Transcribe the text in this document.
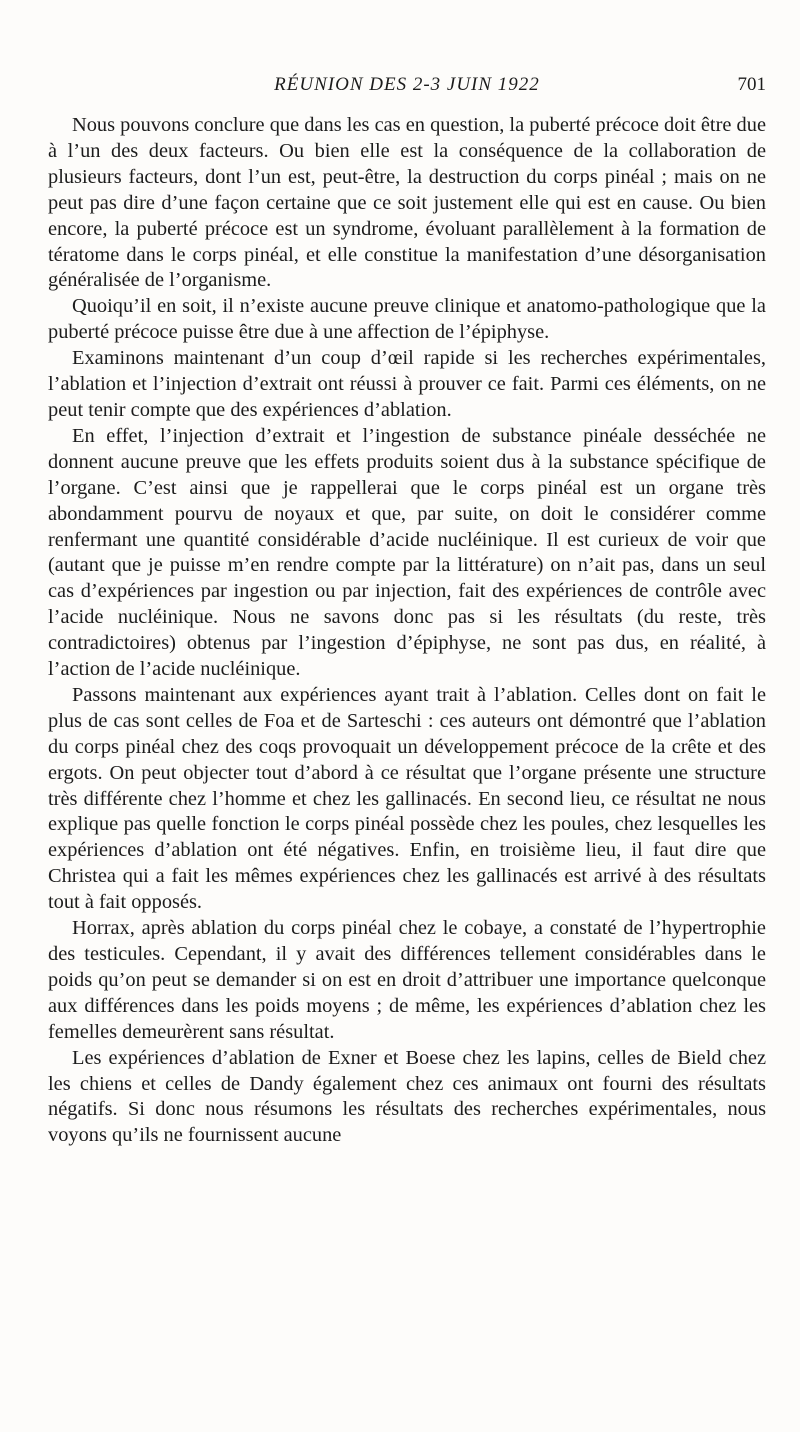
RÉUNION DES 2-3 JUIN 1922	701

Nous pouvons conclure que dans les cas en question, la puberté précoce doit être due à l’un des deux facteurs. Ou bien elle est la conséquence de la collaboration de plusieurs facteurs, dont l’un est, peut-être, la destruction du corps pinéal ; mais on ne peut pas dire d’une façon certaine que ce soit justement elle qui est en cause. Ou bien encore, la puberté précoce est un syndrome, évoluant parallèlement à la formation de tératome dans le corps pinéal, et elle constitue la manifestation d’une désorganisation généralisée de l’organisme.

Quoiqu’il en soit, il n’existe aucune preuve clinique et anatomo-pathologique que la puberté précoce puisse être due à une affection de l’épiphyse.

Examinons maintenant d’un coup d’œil rapide si les recherches expérimentales, l’ablation et l’injection d’extrait ont réussi à prouver ce fait. Parmi ces éléments, on ne peut tenir compte que des expériences d’ablation.

En effet, l’injection d’extrait et l’ingestion de substance pinéale desséchée ne donnent aucune preuve que les effets produits soient dus à la substance spécifique de l’organe. C’est ainsi que je rappellerai que le corps pinéal est un organe très abondamment pourvu de noyaux et que, par suite, on doit le considérer comme renfermant une quantité considérable d’acide nucléinique. Il est curieux de voir que (autant que je puisse m’en rendre compte par la littérature) on n’ait pas, dans un seul cas d’expériences par ingestion ou par injection, fait des expériences de contrôle avec l’acide nucléinique. Nous ne savons donc pas si les résultats (du reste, très contradictoires) obtenus par l’ingestion d’épiphyse, ne sont pas dus, en réalité, à l’action de l’acide nucléinique.

Passons maintenant aux expériences ayant trait à l’ablation. Celles dont on fait le plus de cas sont celles de Foa et de Sarteschi : ces auteurs ont démontré que l’ablation du corps pinéal chez des coqs provoquait un développement précoce de la crête et des ergots. On peut objecter tout d’abord à ce résultat que l’organe présente une structure très différente chez l’homme et chez les gallinacés. En second lieu, ce résultat ne nous explique pas quelle fonction le corps pinéal possède chez les poules, chez lesquelles les expériences d’ablation ont été négatives. Enfin, en troisième lieu, il faut dire que Christea qui a fait les mêmes expériences chez les gallinacés est arrivé à des résultats tout à fait opposés.

Horrax, après ablation du corps pinéal chez le cobaye, a constaté de l’hypertrophie des testicules. Cependant, il y avait des différences tellement considérables dans le poids qu’on peut se demander si on est en droit d’attribuer une importance quelconque aux différences dans les poids moyens ; de même, les expériences d’ablation chez les femelles demeurèrent sans résultat.

Les expériences d’ablation de Exner et Boese chez les lapins, celles de Bield chez les chiens et celles de Dandy également chez ces animaux ont fourni des résultats négatifs. Si donc nous résumons les résultats des recherches expérimentales, nous voyons qu’ils ne fournissent aucune
